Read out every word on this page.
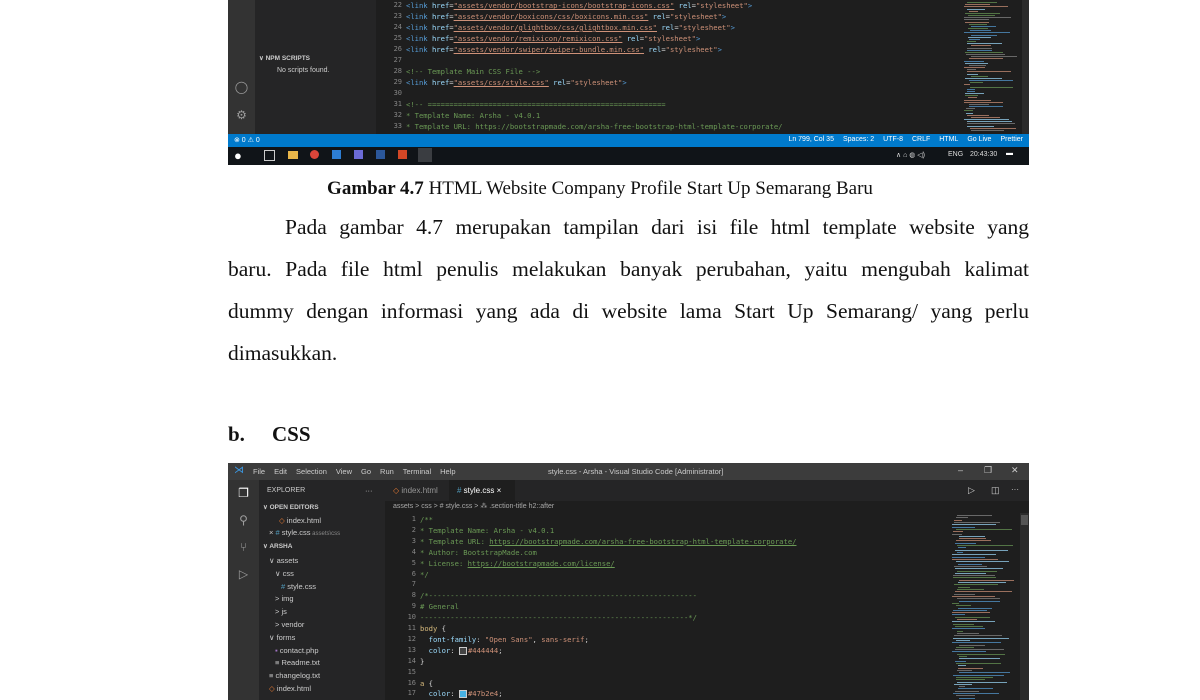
◯
⚙
∨ NPM SCRIPTS
No scripts found.
22
23
24
25
26
27
28
29
30
31
32
33
<link href="assets/vendor/bootstrap-icons/bootstrap-icons.css" rel="stylesheet">
<link href="assets/vendor/boxicons/css/boxicons.min.css" rel="stylesheet">
<link href="assets/vendor/glightbox/css/glightbox.min.css" rel="stylesheet">
<link href="assets/vendor/remixicon/remixicon.css" rel="stylesheet">
<link href="assets/vendor/swiper/swiper-bundle.min.css" rel="stylesheet">
<!-- Template Main CSS File -->
<link href="assets/css/style.css" rel="stylesheet">
<!-- =======================================================
* Template Name: Arsha - v4.0.1
* Template URL: https://bootstrapmade.com/arsha-free-bootstrap-html-template-corporate/
⊗ 0 ⚠ 0	Ln 799, Col 35 Spaces: 2 UTF-8 CRLF HTML Go Live Prettier
●	∧ ⌂ ◍ ◁)	ENG 20:43:30 ▬
Gambar 4.7 HTML Website Company Profile Start Up Semarang Baru
Pada gambar 4.7 merupakan tampilan dari isi file html template website yang
baru. Pada file html penulis melakukan banyak perubahan, yaitu mengubah kalimat
dummy dengan informasi yang ada di website lama Start Up Semarang/ yang perlu
dimasukkan.
b. CSS
⋊ File Edit Selection View Go Run Terminal Help	style.css - Arsha - Visual Studio Code [Administrator]	– ❐ ✕
❐
⚲
⑂
▷
EXPLORER	···
∨ OPEN EDITORS
◇ index.html
× # style.css assets\css
∨ ARSHA
∨ assets
∨ css
# style.css
> img
> js
> vendor
∨ forms
▪ contact.php
≡ Readme.txt
≡ changelog.txt
◇ index.html
▷ ◫ ···
◇ index.html	# style.css ×
assets > css > # style.css > ⁂ .section-title h2::after
1
2
3
4
5
6
7
8
9
10
11
12
13
14
15
16
17
/**
* Template Name: Arsha - v4.0.1
* Template URL: https://bootstrapmade.com/arsha-free-bootstrap-html-template-corporate/
* Author: BootstrapMade.com
* License: https://bootstrapmade.com/license/
*/
/*--------------------------------------------------------------
# General
--------------------------------------------------------------*/
body {
font-family: "Open Sans", sans-serif;
color: #444444;
}
a {
color: #47b2e4;
